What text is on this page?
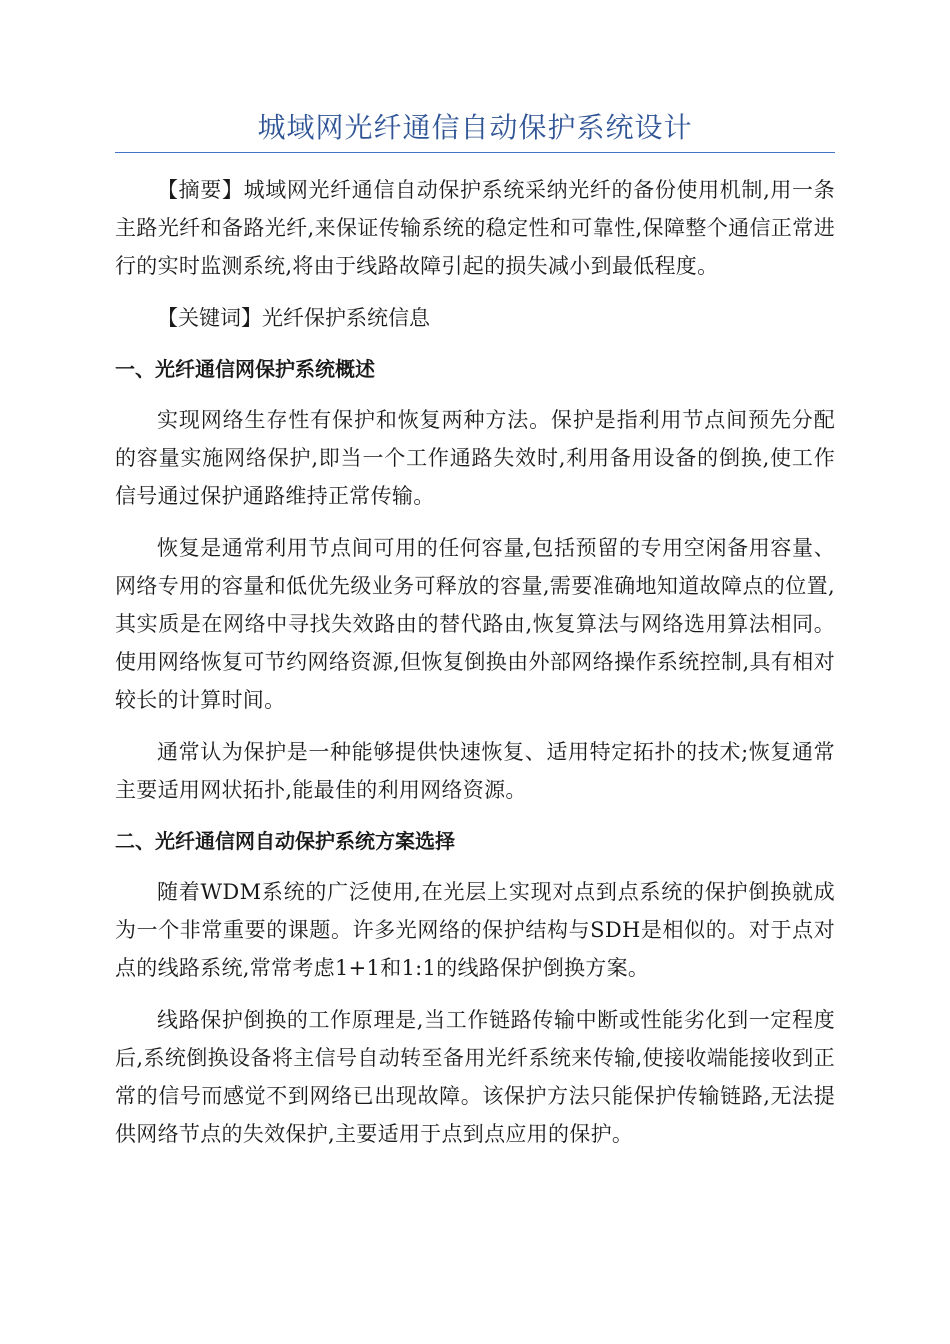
城域网光纤通信自动保护系统设计

【摘要】城域网光纤通信自动保护系统采纳光纤的备份使用机制,用一条主路光纤和备路光纤,来保证传输系统的稳定性和可靠性,保障整个通信正常进行的实时监测系统,将由于线路故障引起的损失减小到最低程度。

【关键词】光纤保护系统信息

一、光纤通信网保护系统概述

实现网络生存性有保护和恢复两种方法。保护是指利用节点间预先分配的容量实施网络保护,即当一个工作通路失效时,利用备用设备的倒换,使工作信号通过保护通路维持正常传输。

恢复是通常利用节点间可用的任何容量,包括预留的专用空闲备用容量、网络专用的容量和低优先级业务可释放的容量,需要准确地知道故障点的位置,其实质是在网络中寻找失效路由的替代路由,恢复算法与网络选用算法相同。使用网络恢复可节约网络资源,但恢复倒换由外部网络操作系统控制,具有相对较长的计算时间。

通常认为保护是一种能够提供快速恢复、适用特定拓扑的技术;恢复通常主要适用网状拓扑,能最佳的利用网络资源。

二、光纤通信网自动保护系统方案选择

随着WDM系统的广泛使用,在光层上实现对点到点系统的保护倒换就成为一个非常重要的课题。许多光网络的保护结构与SDH是相似的。对于点对点的线路系统,常常考虑1+1和1:1的线路保护倒换方案。

线路保护倒换的工作原理是,当工作链路传输中断或性能劣化到一定程度后,系统倒换设备将主信号自动转至备用光纤系统来传输,使接收端能接收到正常的信号而感觉不到网络已出现故障。该保护方法只能保护传输链路,无法提供网络节点的失效保护,主要适用于点到点应用的保护。
